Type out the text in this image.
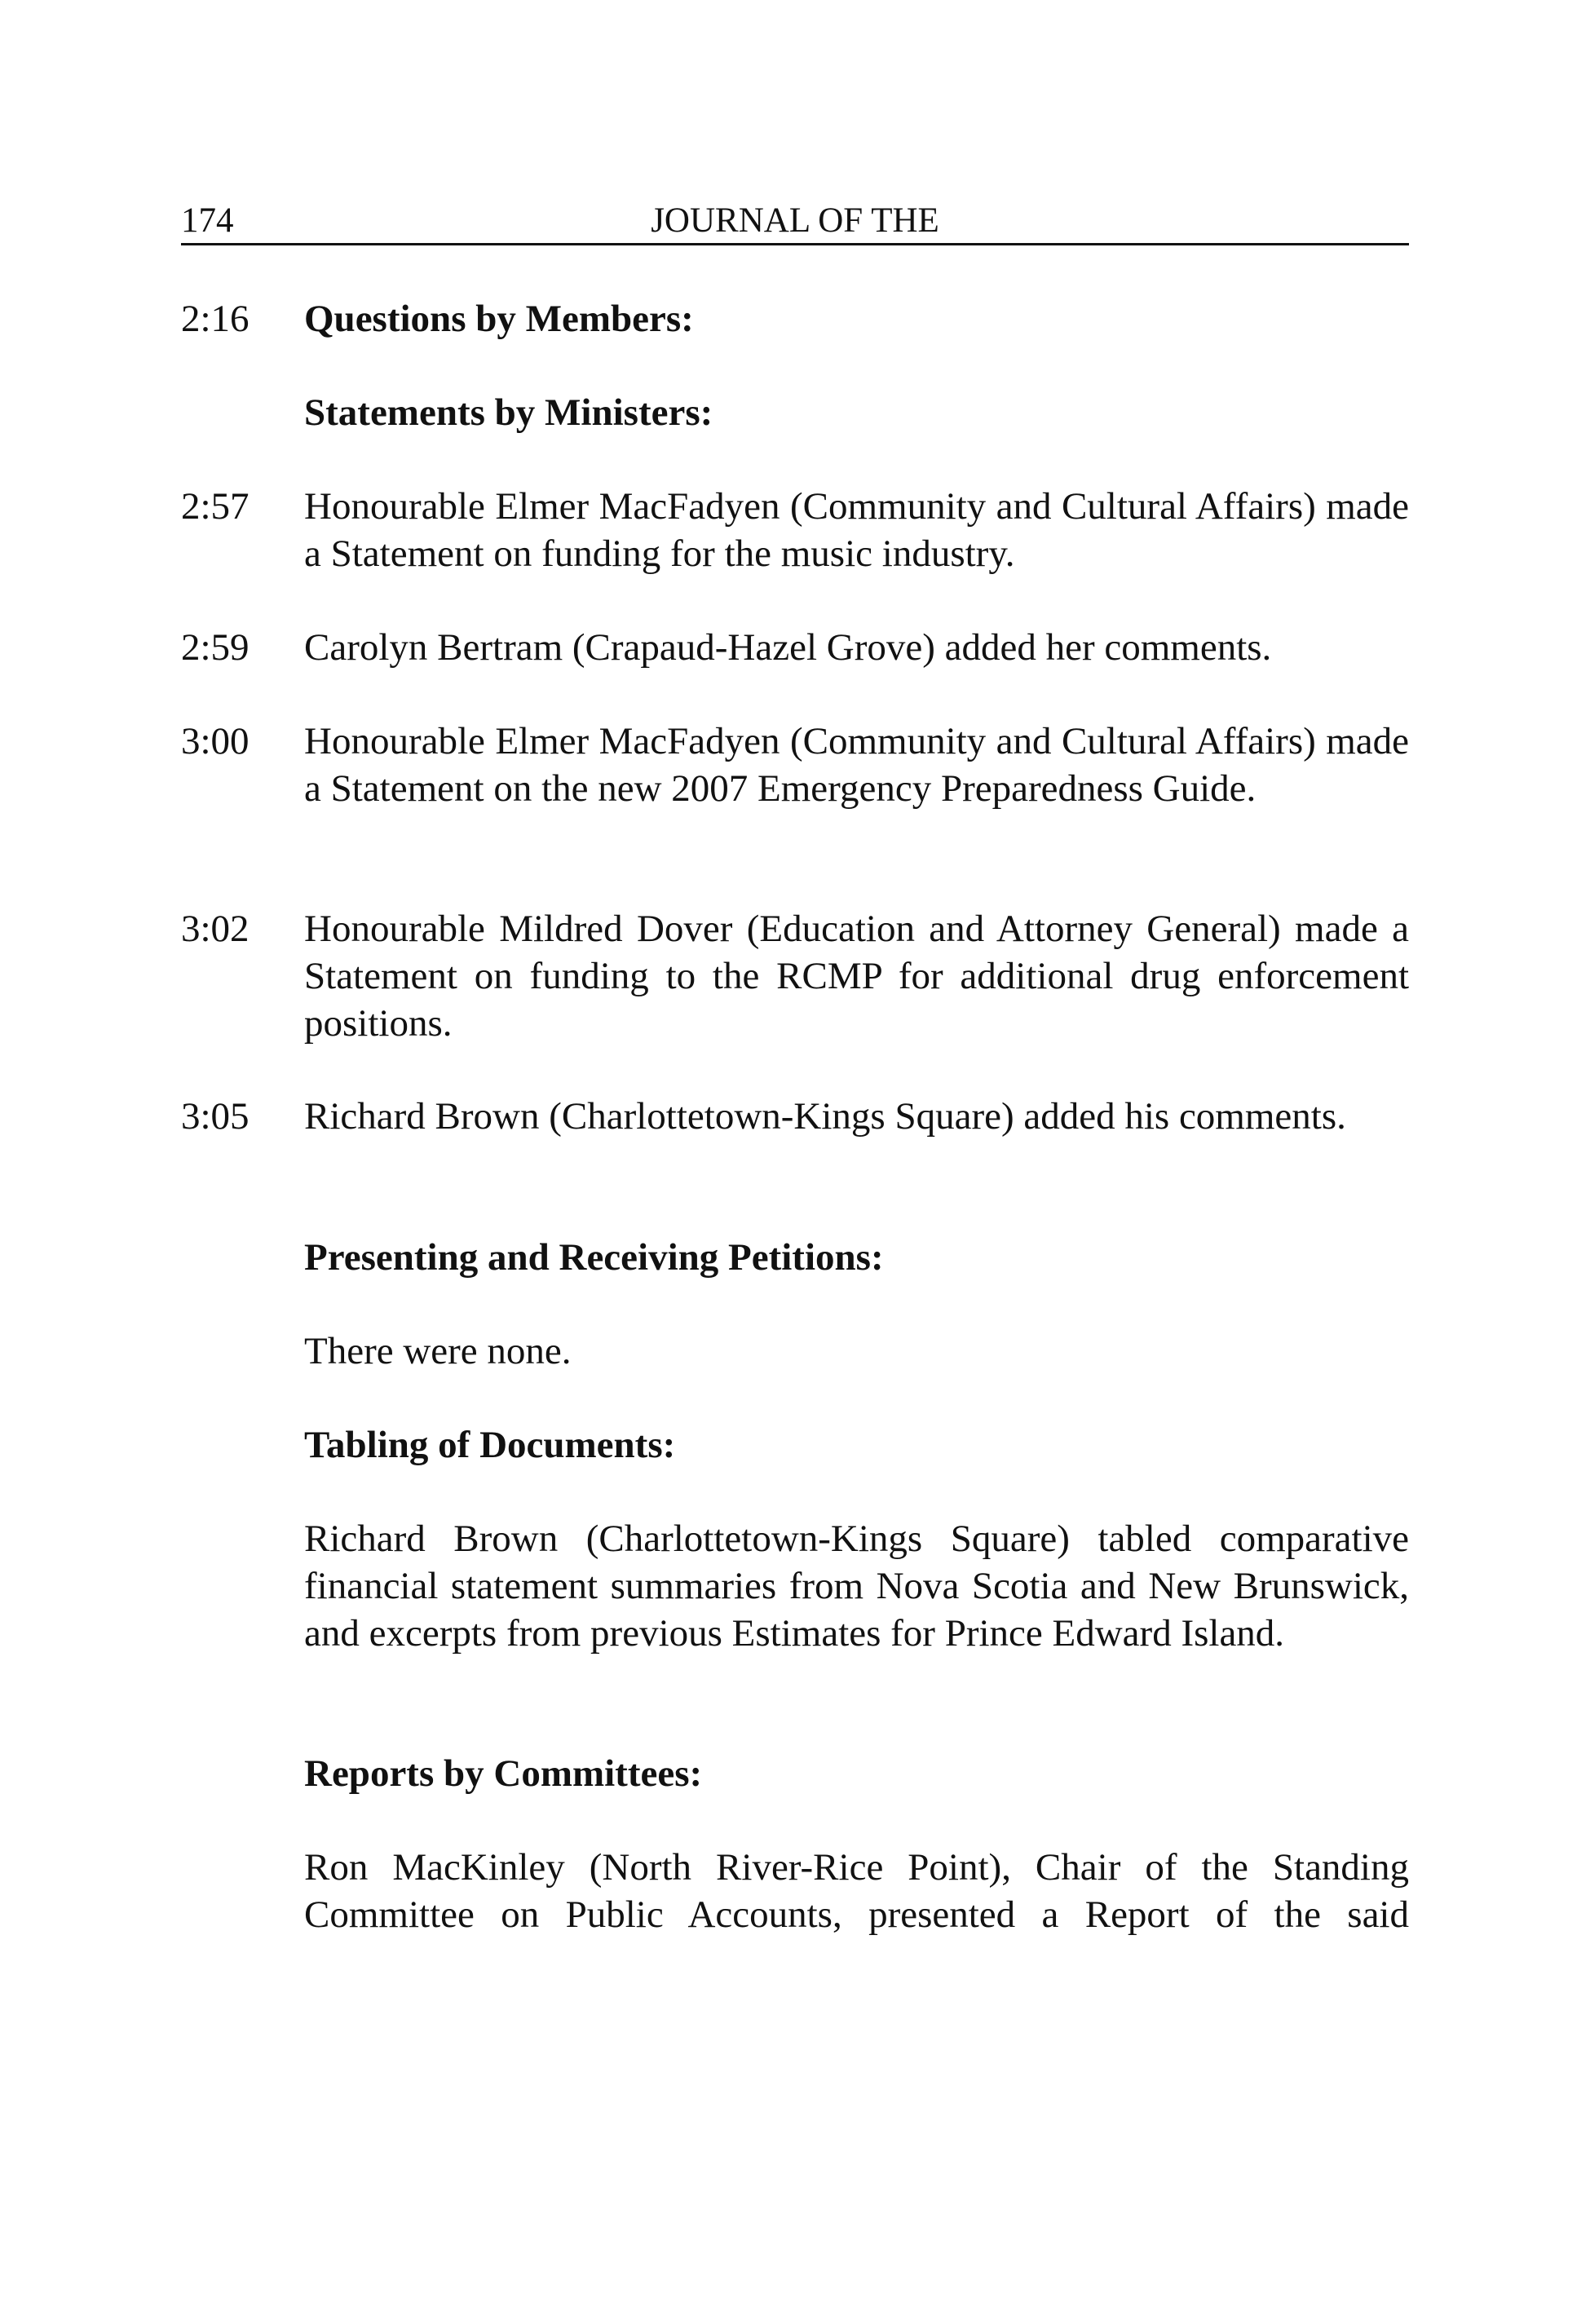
174	JOURNAL OF THE
2:16 Questions by Members:
Statements by Ministers:
2:57 Honourable Elmer MacFadyen (Community and Cultural Affairs) made a Statement on funding for the music industry.
2:59 Carolyn Bertram (Crapaud-Hazel Grove) added her comments.
3:00 Honourable Elmer MacFadyen (Community and Cultural Affairs) made a Statement on the new 2007 Emergency Preparedness Guide.
3:02 Honourable Mildred Dover (Education and Attorney General) made a Statement on funding to the RCMP for additional drug enforcement positions.
3:05 Richard Brown (Charlottetown-Kings Square) added his comments.
Presenting and Receiving Petitions:
There were none.
Tabling of Documents:
Richard Brown (Charlottetown-Kings Square) tabled comparative financial statement summaries from Nova Scotia and New Brunswick, and excerpts from previous Estimates for Prince Edward Island.
Reports by Committees:
Ron MacKinley (North River-Rice Point), Chair of the Standing Committee on Public Accounts, presented a Report of the said
